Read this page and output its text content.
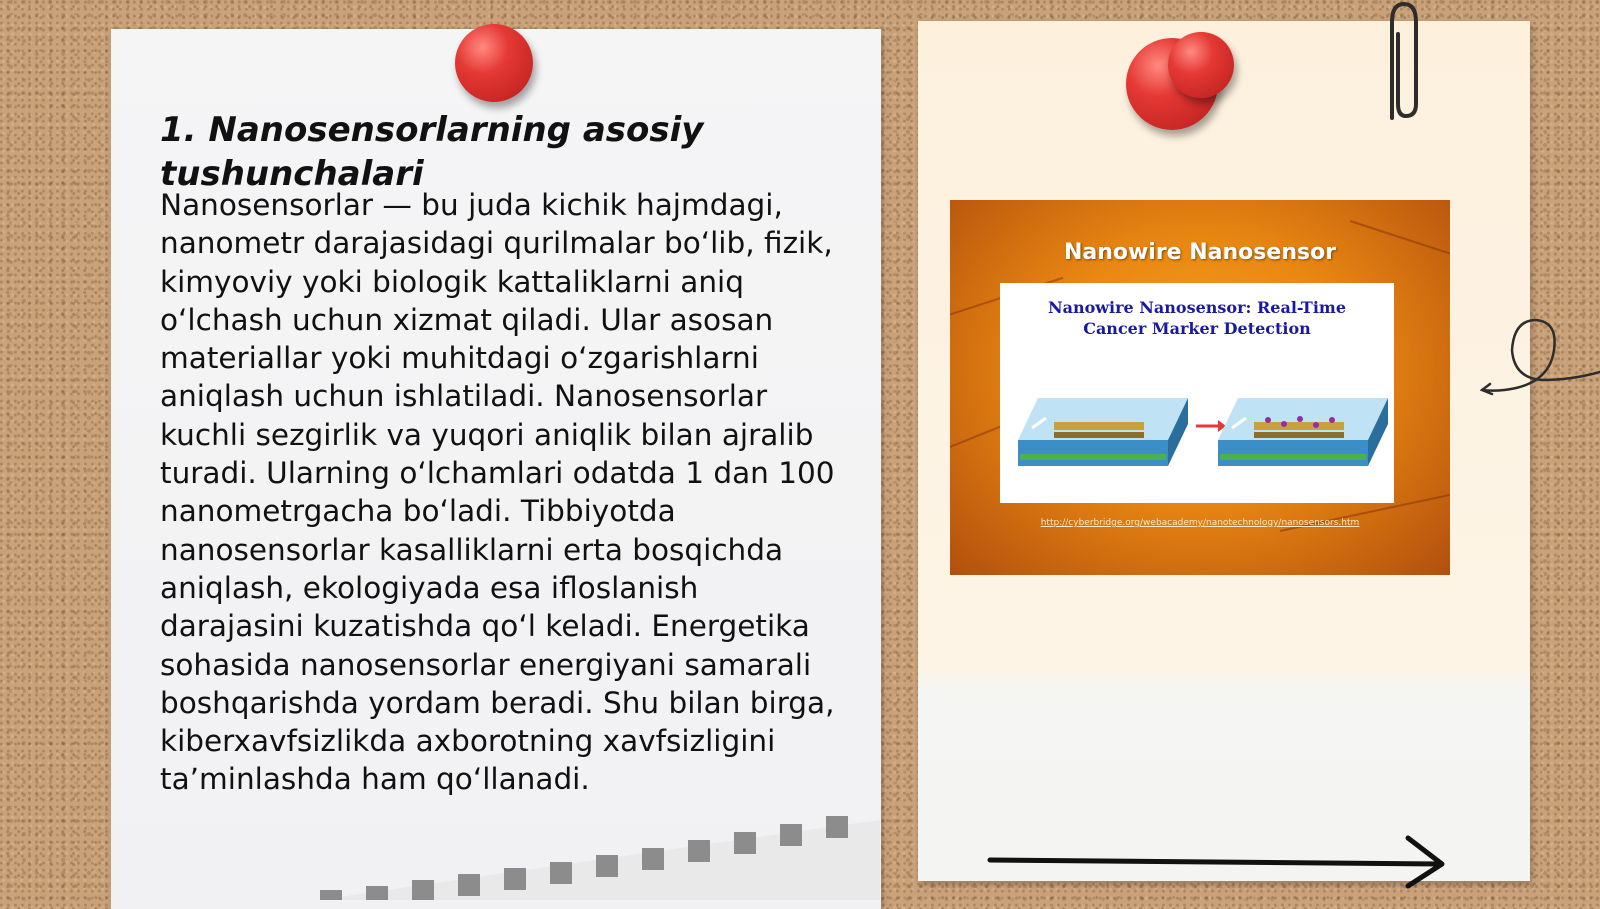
1. Nanosensorlarning asosiy tushunchalari

Nanosensorlar — bu juda kichik hajmdagi, nanometr darajasidagi qurilmalar bo‘lib, fizik, kimyoviy yoki biologik kattaliklarni aniq o‘lchash uchun xizmat qiladi. Ular asosan materiallar yoki muhitdagi o‘zgarishlarni aniqlash uchun ishlatiladi. Nanosensorlar kuchli sezgirlik va yuqori aniqlik bilan ajralib turadi. Ularning o‘lchamlari odatda 1 dan 100 nanometrgacha bo‘ladi. Tibbiyotda nanosensorlar kasalliklarni erta bosqichda aniqlash, ekologiyada esa ifloslanish darajasini kuzatishda qo‘l keladi. Energetika sohasida nanosensorlar energiyani samarali boshqarishda yordam beradi. Shu bilan birga, kiberxavfsizlikda axborotning xavfsizligini ta’minlashda ham qo‘llanadi.

Nanowire Nanosensor
Nanowire Nanosensor: Real-Time
Cancer Marker Detection
http://cyberbridge.org/webacademy/nanotechnology/nanosensors.htm
